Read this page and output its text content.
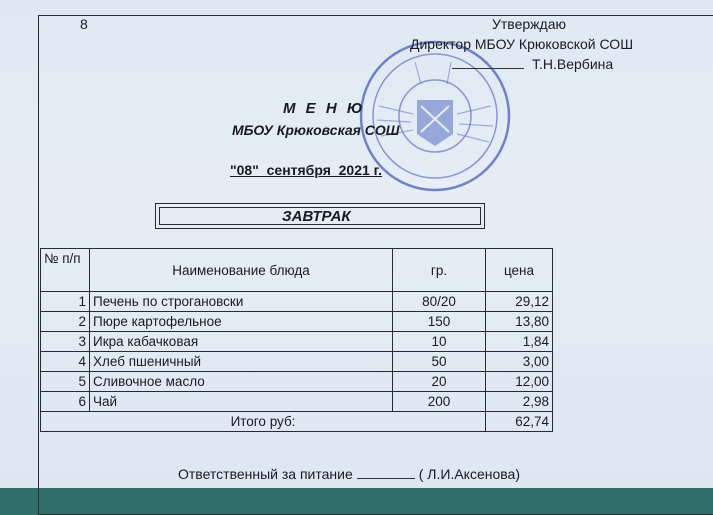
8	Утверждаю
Директор МБОУ Крюковской СОШ
Т.Н.Вербина
М Е Н Ю
МБОУ Крюковская СОШ
"08"  сентября  2021 г.
ЗАВТРАК
№ п/п	Наименование блюда	гр.	цена
1	Печень по строгановски	80/20	29,12
2	Пюре картофельное	150	13,80
3	Икра кабачковая	10	1,84
4	Хлеб пшеничный	50	3,00
5	Сливочное масло	20	12,00
6	Чай	200	2,98
Итого руб:			62,74
Ответственный за питание	( Л.И.Аксенова)
